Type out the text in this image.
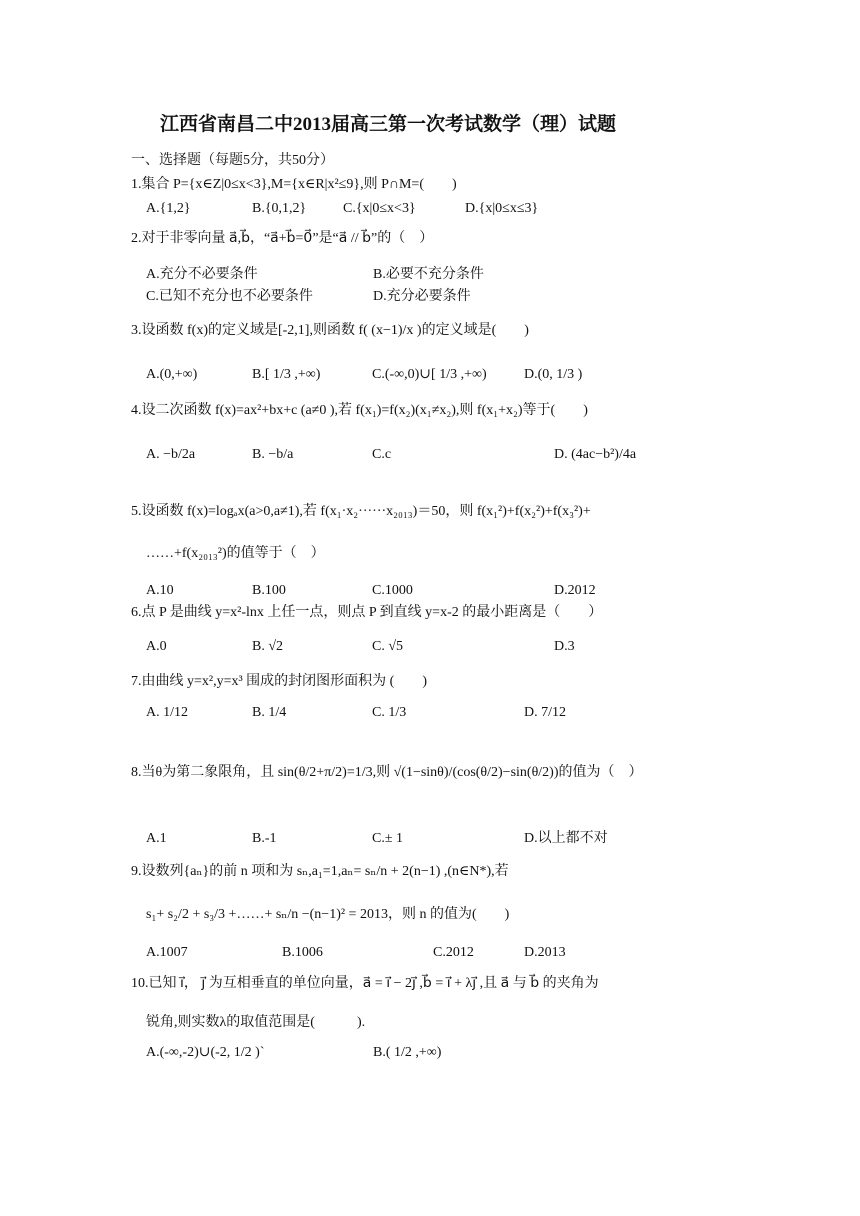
江西省南昌二中2013届高三第一次考试数学（理）试题
一、选择题（每题5分，共50分）
1.集合 P={x∈Z|0≤x<3},M={x∈R|x²≤9},则 P∩M=(　　)
A.{1,2}	B.{0,1,2}	C.{x|0≤x<3}	D.{x|0≤x≤3}
2.对于非零向量 a⃗,b⃗，“a⃗+b⃗=0⃗”是“a⃗ // b⃗”的（　）
A.充分不必要条件	B.必要不充分条件
C.已知不充分也不必要条件	D.充分必要条件
3.设函数 f(x)的定义域是[-2,1],则函数 f( (x−1)/x )的定义域是(　　)
A.(0,+∞)	B.[ 1/3 ,+∞)	C.(-∞,0)∪[ 1/3 ,+∞)	D.(0, 1/3 )
4.设二次函数 f(x)=ax²+bx+c (a≠0 ),若 f(x₁)=f(x₂)(x₁≠x₂),则 f(x₁+x₂)等于(　　)
A. −b/2a	B. −b/a	C.c	D. (4ac−b²)/4a
5.设函数 f(x)=logₐx(a>0,a≠1),若 f(x₁·x₂······x₂₀₁₃)＝50，则 f(x₁²)+f(x₂²)+f(x₃²)+
……+f(x₂₀₁₃²)的值等于（　）
A.10	B.100	C.1000	D.2012
6.点 P 是曲线 y=x²-lnx 上任一点，则点 P 到直线 y=x-2 的最小距离是（　　）
A.0	B. √2	C. √5	D.3
7.由曲线 y=x²,y=x³ 围成的封闭图形面积为 (　　)
A. 1/12	B. 1/4	C. 1/3	D. 7/12
8.当θ为第二象限角，且 sin(θ/2+π/2)=1/3,则 √(1−sinθ)/(cos(θ/2)−sin(θ/2))的值为（　）
A.1	B.-1	C.± 1	D.以上都不对
9.设数列{aₙ}的前 n 项和为 sₙ,a₁=1,aₙ= sₙ/n + 2(n−1) ,(n∈N*),若
s₁+ s₂/2 + s₃/3 +……+ sₙ/n −(n−1)² = 2013，则 n 的值为(　　)
A.1007	B.1006	C.2012	D.2013
10.已知 i⃗， j⃗ 为互相垂直的单位向量，a⃗ = i⃗ − 2j⃗ ,b⃗ = i⃗ + λj⃗ ,且 a⃗ 与 b⃗ 的夹角为
锐角,则实数λ的取值范围是(　　　).
A.(-∞,-2)∪(-2, 1/2 )`	B.( 1/2 ,+∞)
